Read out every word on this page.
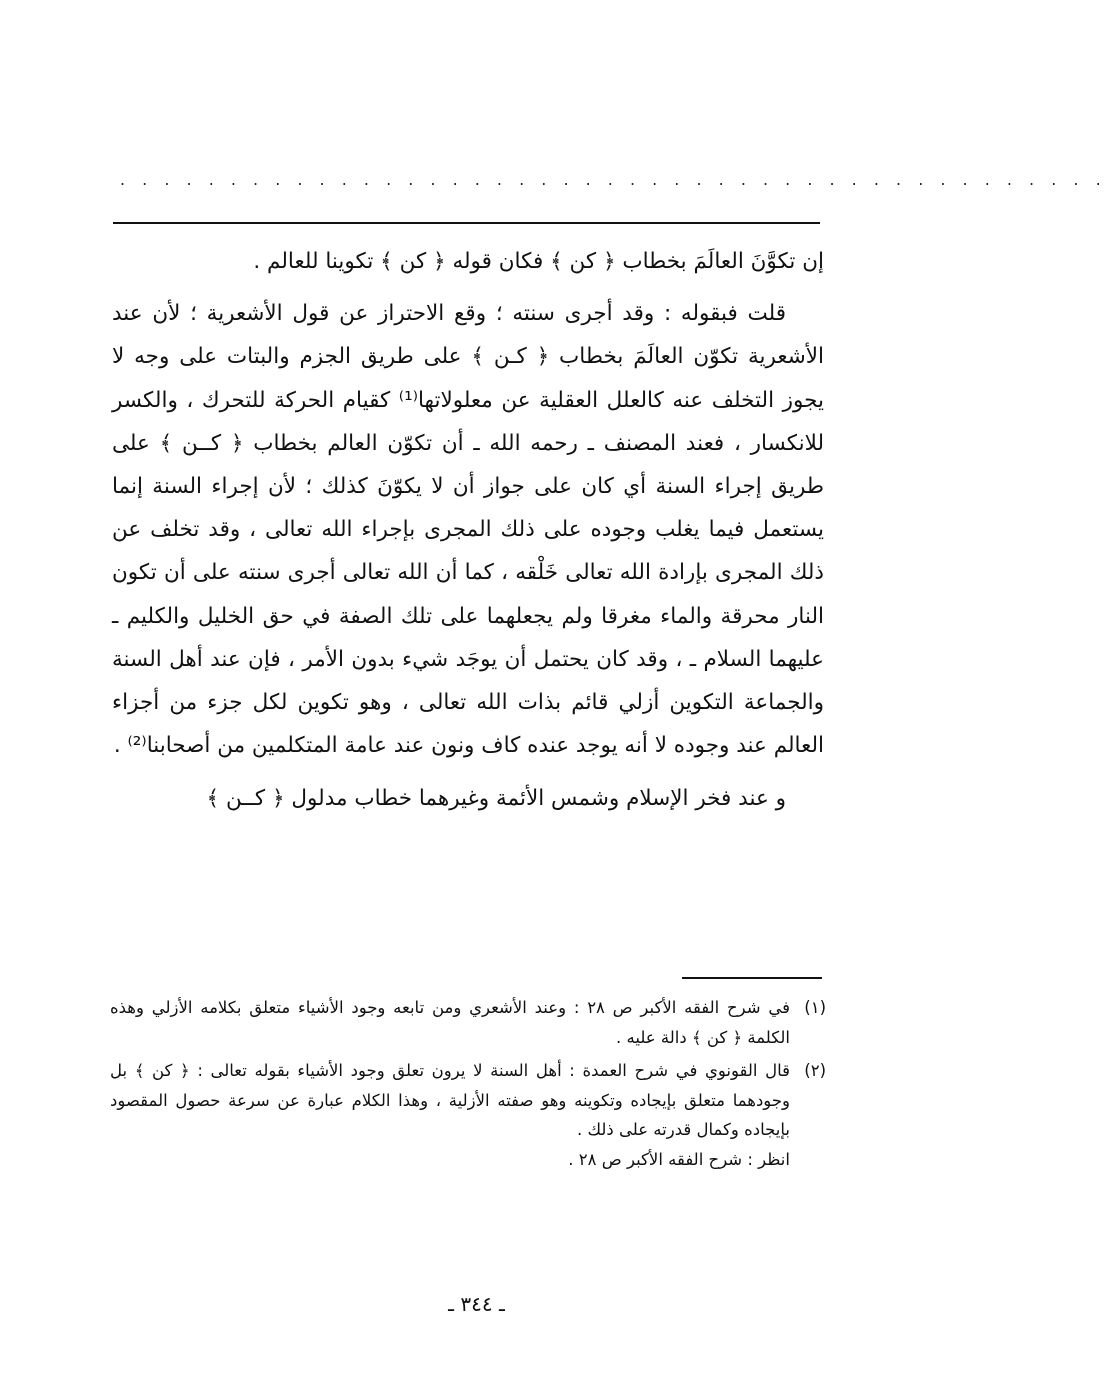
. . . . . . . . . . . . . . . . . . . . . . . . . . . . . . . . . . . . . . . . . . . . .

إن تكوَّنَ العالَمَ بخطاب ﴿ كن ﴾ فكان قوله ﴿ كن ﴾ تكوينا للعالم .

قلت فبقوله : وقد أجرى سنته ؛ وقع الاحتراز عن قول الأشعرية ؛ لأن عند الأشعرية تكوّن العالَمَ بخطاب ﴿ كـن ﴾ على طريق الجزم والبتات على وجه لا يجوز التخلف عنه كالعلل العقلية عن معلولاتها⁽¹⁾ كقيام الحركة للتحرك ، والكسر للانكسار ، فعند المصنف ـ رحمه الله ـ أن تكوّن العالم بخطاب ﴿ كــن ﴾ على طريق إجراء السنة أي كان على جواز أن لا يكوّنَ كذلك ؛ لأن إجراء السنة إنما يستعمل فيما يغلب وجوده على ذلك المجرى بإجراء الله تعالى ، وقد تخلف عن ذلك المجرى بإرادة الله تعالى خَلْقه ، كما أن الله تعالى أجرى سنته على أن تكون النار محرقة والماء مغرقا ولم يجعلهما على تلك الصفة في حق الخليل والكليم ـ عليهما السلام ـ ، وقد كان يحتمل أن يوجَد شيء بدون الأمر ، فإن عند أهل السنة والجماعة التكوين أزلي قائم بذات الله تعالى ، وهو تكوين لكل جزء من أجزاء العالم عند وجوده لا أنه يوجد عنده كاف ونون عند عامة المتكلمين من أصحابنا⁽²⁾ .

و عند فخر الإسلام وشمس الأئمة وغيرهما خطاب مدلول ﴿ كــن ﴾

(١)

في شرح الفقه الأكبر ص ٢٨ : وعند الأشعري ومن تابعه وجود الأشياء متعلق بكلامه الأزلي وهذه الكلمة ﴿ كن ﴾ دالة عليه .

(٢)

قال القونوي في شرح العمدة : أهل السنة لا يرون تعلق وجود الأشياء بقوله تعالى : ﴿ كن ﴾ بل وجودهما متعلق بإيجاده وتكوينه وهو صفته الأزلية ، وهذا الكلام عبارة عن سرعة حصول المقصود بإيجاده وكمال قدرته على ذلك .

انظر : شرح الفقه الأكبر ص ٢٨ .

ـ ٣٤٤ ـ
